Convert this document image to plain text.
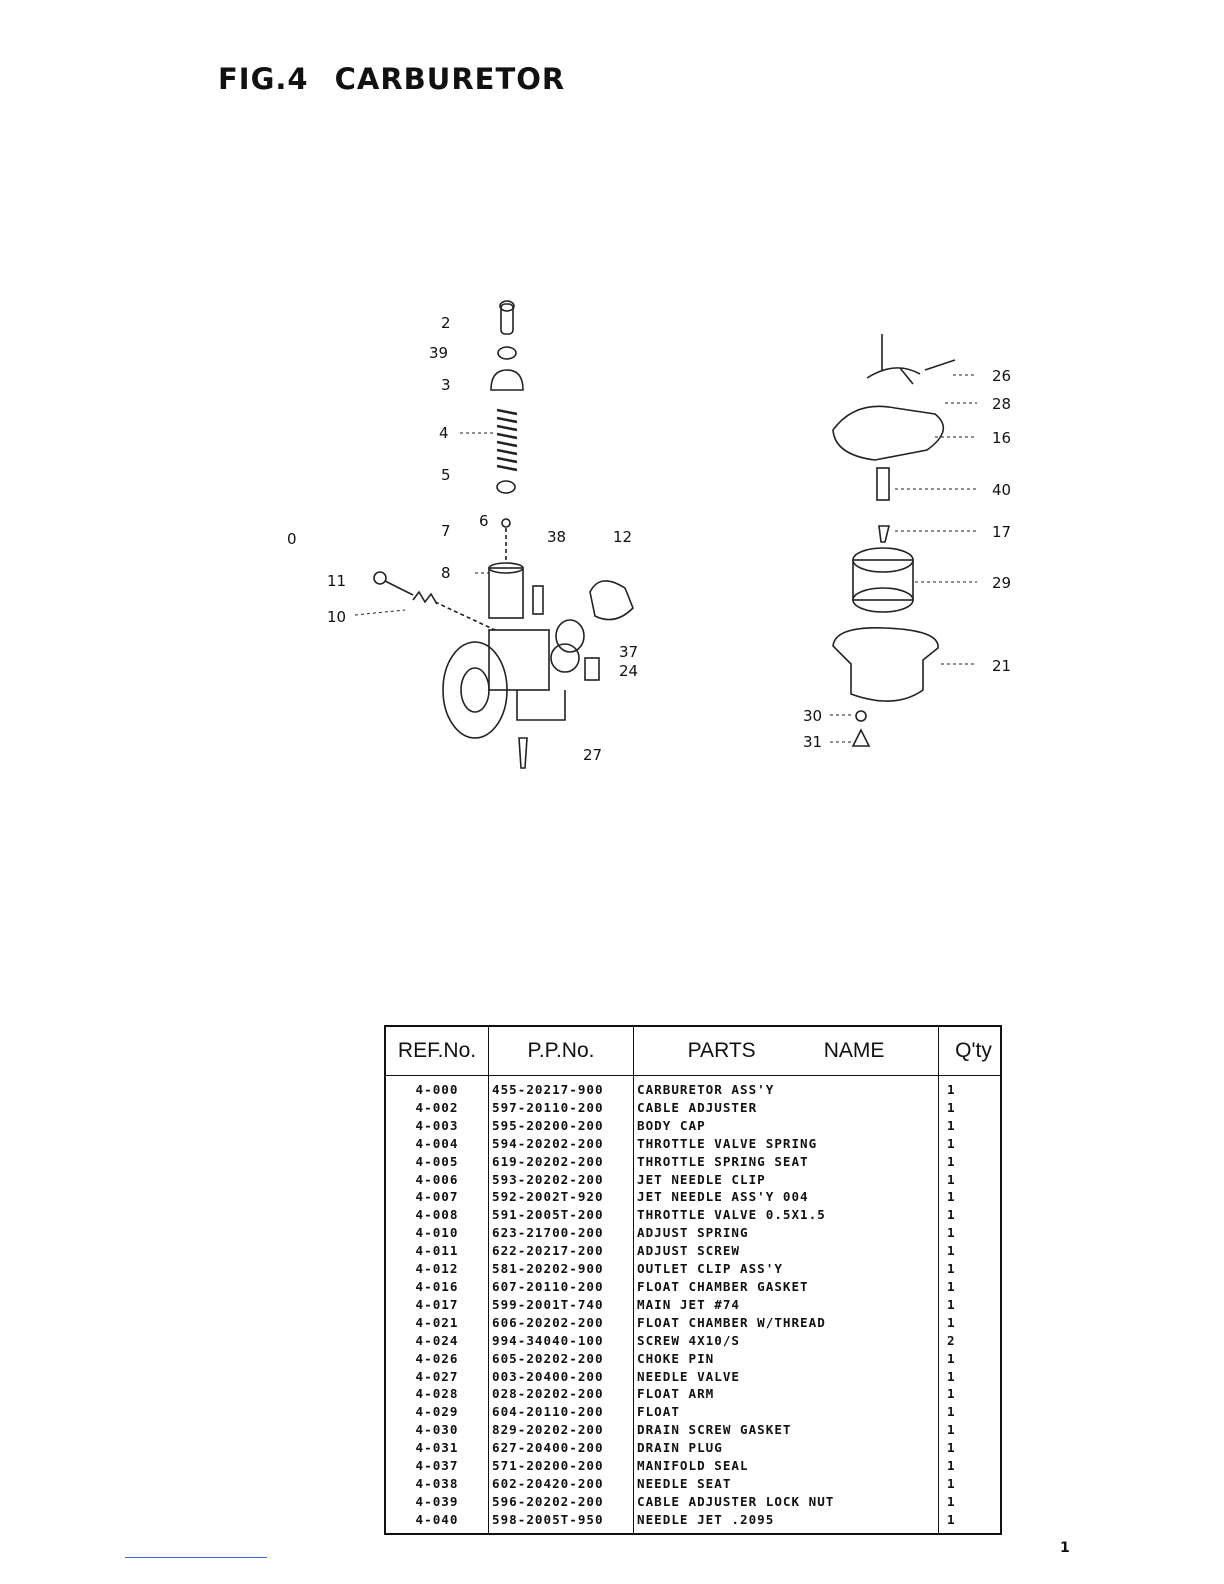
FIG.4 CARBURETOR
2
39
3
4
5
6
7
0
11
10
8
38	12
37
24
27
26
28
16
40
17
29
21
30
31
REF.No.	P.P.No.	PARTS NAME	Q'ty
4-000	455-20217-900	CARBURETOR ASS'Y	1
4-002	597-20110-200	CABLE ADJUSTER	1
4-003	595-20200-200	BODY CAP	1
4-004	594-20202-200	THROTTLE VALVE SPRING	1
4-005	619-20202-200	THROTTLE SPRING SEAT	1
4-006	593-20202-200	JET NEEDLE CLIP	1
4-007	592-2002T-920	JET NEEDLE ASS'Y 004	1
4-008	591-2005T-200	THROTTLE VALVE 0.5X1.5	1
4-010	623-21700-200	ADJUST SPRING	1
4-011	622-20217-200	ADJUST SCREW	1
4-012	581-20202-900	OUTLET CLIP ASS'Y	1
4-016	607-20110-200	FLOAT CHAMBER GASKET	1
4-017	599-2001T-740	MAIN JET #74	1
4-021	606-20202-200	FLOAT CHAMBER W/THREAD	1
4-024	994-34040-100	SCREW 4X10/S	2
4-026	605-20202-200	CHOKE PIN	1
4-027	003-20400-200	NEEDLE VALVE	1
4-028	028-20202-200	FLOAT ARM	1
4-029	604-20110-200	FLOAT	1
4-030	829-20202-200	DRAIN SCREW GASKET	1
4-031	627-20400-200	DRAIN PLUG	1
4-037	571-20200-200	MANIFOLD SEAL	1
4-038	602-20420-200	NEEDLE SEAT	1
4-039	596-20202-200	CABLE ADJUSTER LOCK NUT	1
4-040	598-2005T-950	NEEDLE JET .2095	1
1
